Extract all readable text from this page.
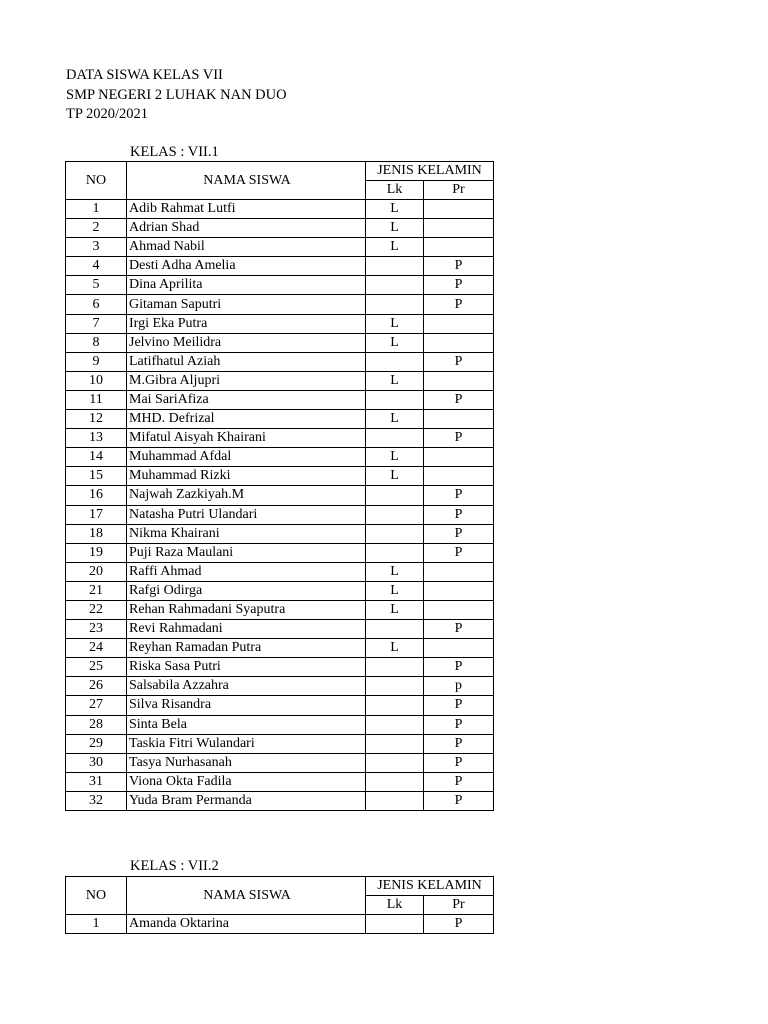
DATA SISWA KELAS VII
SMP NEGERI 2 LUHAK NAN DUO
TP 2020/2021
KELAS : VII.1
NO	NAMA SISWA	JENIS KELAMIN	
		Lk	Pr
1	Adib Rahmat Lutfi	L	
2	Adrian Shad	L	
3	Ahmad Nabil	L	
4	Desti Adha Amelia		P
5	Dina Aprilita		P
6	Gitaman Saputri		P
7	Irgi Eka Putra	L	
8	Jelvino Meilidra	L	
9	Latifhatul Aziah		P
10	M.Gibra Aljupri	L	
11	Mai SariAfiza		P
12	MHD. Defrizal	L	
13	Mifatul Aisyah Khairani		P
14	Muhammad Afdal	L	
15	Muhammad Rizki	L	
16	Najwah Zazkiyah.M		P
17	Natasha Putri Ulandari		P
18	Nikma Khairani		P
19	Puji Raza Maulani		P
20	Raffi Ahmad	L	
21	Rafgi Odirga	L	
22	Rehan Rahmadani Syaputra	L	
23	Revi Rahmadani		P
24	Reyhan Ramadan Putra	L	
25	Riska Sasa Putri		P
26	Salsabila Azzahra		p
27	Silva Risandra		P
28	Sinta Bela		P
29	Taskia Fitri Wulandari		P
30	Tasya Nurhasanah		P
31	Viona Okta Fadila		P
32	Yuda Bram Permanda		P
KELAS : VII.2
NO	NAMA SISWA	JENIS KELAMIN	
		Lk	Pr
1	Amanda Oktarina		P
